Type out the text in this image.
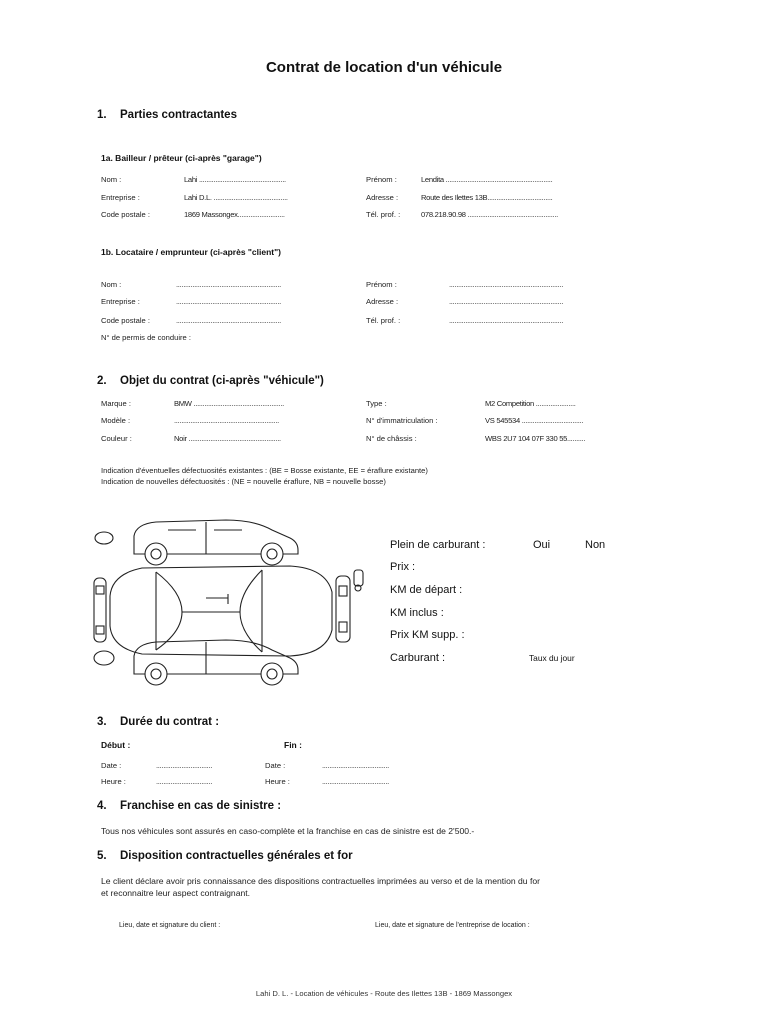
Contrat de location d'un véhicule
1. Parties contractantes
1a. Bailleur / prêteur (ci-après "garage")
Nom :	Lahi ................................................	Prénom :	Lendita ...........................................................
Entreprise :	Lahi D.L. .........................................	Adresse :	Route des Ilettes 13B....................................
Code postale :	1869 Massongex..........................	Tél. prof. :	078.218.90.98 ..................................................
1b. Locataire / emprunteur (ci-après "client")
Nom :	..........................................................	Prénom :	...............................................................
Entreprise :	..........................................................	Adresse :	...............................................................
Code postale :	..........................................................	Tél. prof. :	...............................................................
N° de permis de conduire :
2. Objet du contrat (ci-après "véhicule")
Marque :	BMW ..................................................	Type :	M2 Competition ......................
Modèle :	..........................................................	N° d'immatriculation :	VS 545534 ..................................
Couleur :	Noir ...................................................	N° de châssis :	WBS 2U7 104 07F 330 55..........
Indication d'éventuelles défectuosités existantes : (BE = Bosse existante, EE = éraflure existante)
Indication de nouvelles défectuosités : (NE = nouvelle éraflure, NB = nouvelle bosse)
Plein de carburant :	Oui	Non
Prix :
KM de départ :
KM inclus :
Prix KM supp. :
Carburant :	Taux du jour
3. Durée du contrat :
Début :	Fin :
Date :	...............................	Date :	.....................................
Heure :	...............................	Heure :	.....................................
4. Franchise en cas de sinistre :
Tous nos véhicules sont assurés en caso-complète et la franchise en cas de sinistre est de 2'500.-
5. Disposition contractuelles générales et for
Le client déclare avoir pris connaissance des dispositions contractuelles imprimées au verso et de la mention du for
et reconnaitre leur aspect contraignant.
Lieu, date et signature du client :	Lieu, date et signature de l'entreprise de location :
Lahi D. L. - Location de véhicules - Route des Ilettes 13B - 1869 Massongex
